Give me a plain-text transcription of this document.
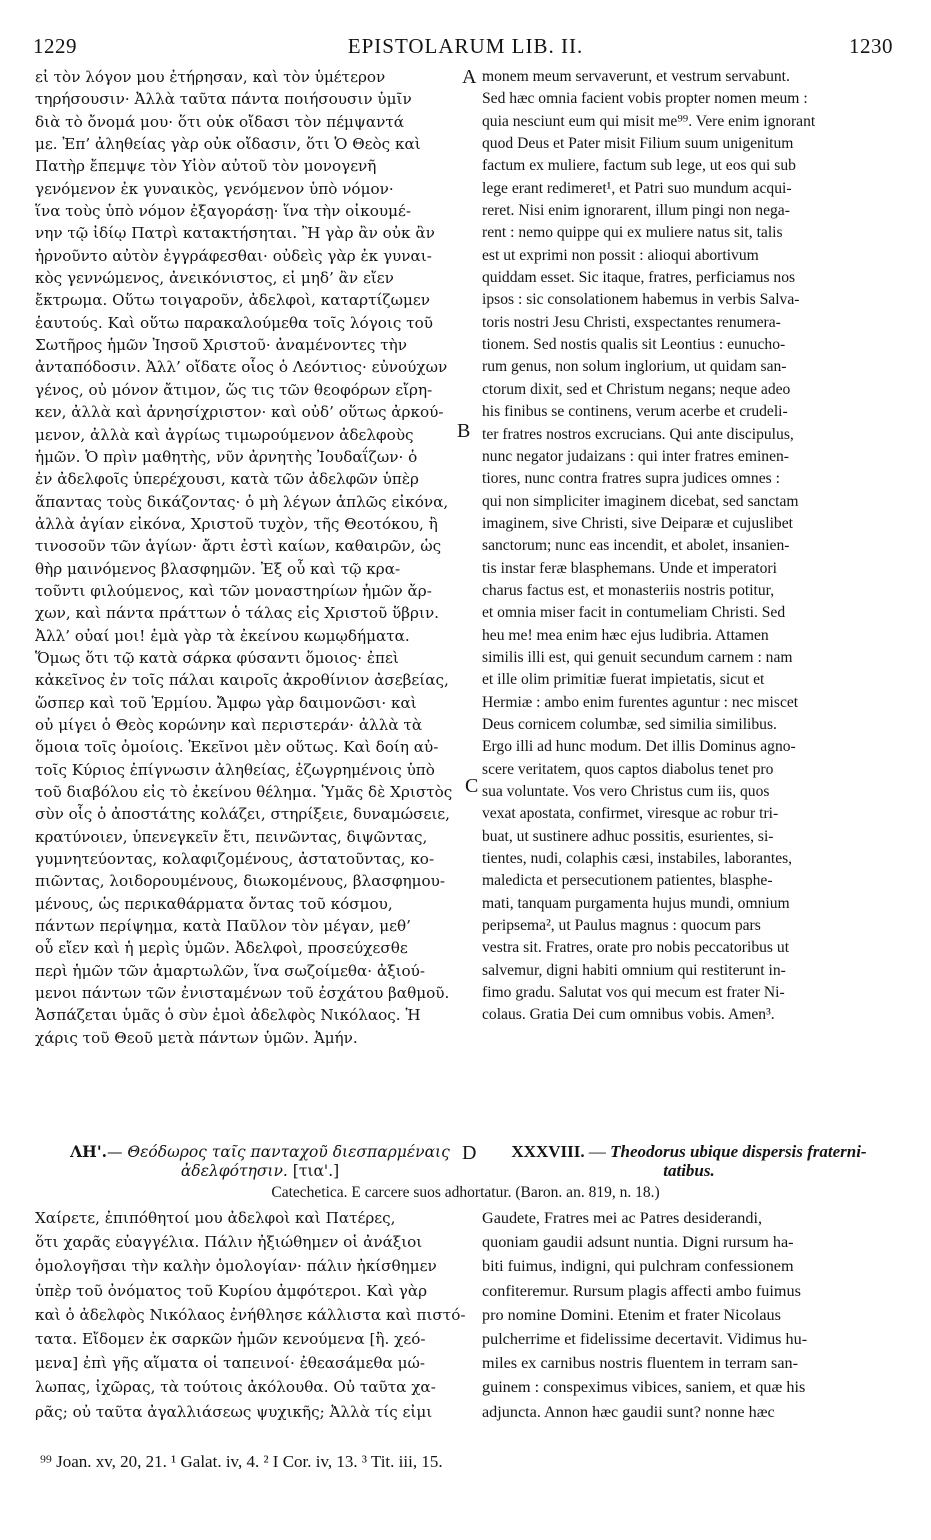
1229	EPISTOLARUM LIB. II.	1230
εἰ τὸν λόγον μου ἐτήρησαν, καὶ τὸν ὑμέτερον
τηρήσουσιν· Ἀλλὰ ταῦτα πάντα ποιήσουσιν ὑμῖν
διὰ τὸ ὄνομά μου· ὅτι οὐκ οἴδασι τὸν πέμψαντά
με. Ἐπ’ ἀληθείας γὰρ οὐκ οἴδασιν, ὅτι Ὁ Θεὸς καὶ
Πατὴρ ἔπεμψε τὸν Υἱὸν αὐτοῦ τὸν μονογενῆ
γενόμενον ἐκ γυναικὸς, γενόμενον ὑπὸ νόμον·
ἵνα τοὺς ὑπὸ νόμον ἐξαγοράσῃ· ἵνα τὴν οἰκουμέ-
νην τῷ ἰδίῳ Πατρὶ κατακτήσηται. Ἢ γὰρ ἂν οὐκ ἂν
ἠρνοῦντο αὐτὸν ἐγγράφεσθαι· οὐδεὶς γὰρ ἐκ γυναι-
κὸς γεννώμενος, ἀνεικόνιστος, εἰ μηδ’ ἂν εἴεν
ἔκτρωμα. Οὕτω τοιγαροῦν, ἀδελφοὶ, καταρτίζωμεν
ἑαυτούς. Καὶ οὕτω παρακαλούμεθα τοῖς λόγοις τοῦ
Σωτῆρος ἡμῶν Ἰησοῦ Χριστοῦ· ἀναμένοντες τὴν
ἀνταπόδοσιν. Ἀλλ’ οἴδατε οἷος ὁ Λεόντιος· εὐνούχων
γένος, οὐ μόνον ἄτιμον, ὥς τις τῶν θεοφόρων εἴρη-
κεν, ἀλλὰ καὶ ἀρνησίχριστον· καὶ οὐδ’ οὕτως ἀρκού-
μενον, ἀλλὰ καὶ ἀγρίως τιμωρούμενον ἀδελφοὺς
ἡμῶν. Ὁ πρὶν μαθητὴς, νῦν ἀρνητὴς Ἰουδαΐζων· ὁ
ἐν ἀδελφοῖς ὑπερέχουσι, κατὰ τῶν ἀδελφῶν ὑπὲρ
ἅπαντας τοὺς δικάζοντας· ὁ μὴ λέγων ἁπλῶς εἰκόνα,
ἀλλὰ ἁγίαν εἰκόνα, Χριστοῦ τυχὸν, τῆς Θεοτόκου, ἢ
τινοσοῦν τῶν ἁγίων· ἄρτι ἐστὶ καίων, καθαιρῶν, ὡς
θὴρ μαινόμενος βλασφημῶν. Ἐξ οὗ καὶ τῷ κρα-
τοῦντι φιλούμενος, καὶ τῶν μοναστηρίων ἡμῶν ἄρ-
χων, καὶ πάντα πράττων ὁ τάλας εἰς Χριστοῦ ὕβριν.
Ἀλλ’ οὐαί μοι! ἐμὰ γὰρ τὰ ἐκείνου κωμῳδήματα.
Ὅμως ὅτι τῷ κατὰ σάρκα φύσαντι ὅμοιος· ἐπεὶ
κἀκεῖνος ἐν τοῖς πάλαι καιροῖς ἀκροθίνιον ἀσεβείας,
ὥσπερ καὶ τοῦ Ἑρμίου. Ἄμφω γὰρ δαιμονῶσι· καὶ
οὐ μίγει ὁ Θεὸς κορώνην καὶ περιστεράν· ἀλλὰ τὰ
ὅμοια τοῖς ὁμοίοις. Ἐκεῖνοι μὲν οὕτως. Καὶ δοίη αὐ-
τοῖς Κύριος ἐπίγνωσιν ἀληθείας, ἐζωγρημένοις ὑπὸ
τοῦ διαβόλου εἰς τὸ ἐκείνου θέλημα. Ὑμᾶς δὲ Χριστὸς
σὺν οἷς ὁ ἀποστάτης κολάζει, στηρίξειε, δυναμώσειε,
κρατύνοιεν, ὑπενεγκεῖν ἔτι, πεινῶντας, διψῶντας,
γυμνητεύοντας, κολαφιζομένους, ἀστατοῦντας, κο-
πιῶντας, λοιδορουμένους, διωκομένους, βλασφημου-
μένους, ὡς περικαθάρματα ὄντας τοῦ κόσμου,
πάντων περίψημα, κατὰ Παῦλον τὸν μέγαν, μεθ’
οὗ εἴεν καὶ ἡ μερὶς ὑμῶν. Ἀδελφοὶ, προσεύχεσθε
περὶ ἡμῶν τῶν ἁμαρτωλῶν, ἵνα σωζοίμεθα· ἀξιού-
μενοι πάντων τῶν ἐνισταμένων τοῦ ἐσχάτου βαθμοῦ.
Ἀσπάζεται ὑμᾶς ὁ σὺν ἐμοὶ ἀδελφὸς Νικόλαος. Ἡ
χάρις τοῦ Θεοῦ μετὰ πάντων ὑμῶν. Ἀμήν.
monem meum servaverunt, et vestrum servabunt.
Sed hæc omnia facient vobis propter nomen meum :
quia nesciunt eum qui misit me⁹⁹. Vere enim ignorant
quod Deus et Pater misit Filium suum unigenitum
factum ex muliere, factum sub lege, ut eos qui sub
lege erant redimeret¹, et Patri suo mundum acqui-
reret. Nisi enim ignorarent, illum pingi non nega-
rent : nemo quippe qui ex muliere natus sit, talis
est ut exprimi non possit : alioqui abortivum
quiddam esset. Sic itaque, fratres, perficiamus nos
ipsos : sic consolationem habemus in verbis Salva-
toris nostri Jesu Christi, exspectantes renumera-
tionem. Sed nostis qualis sit Leontius : eunucho-
rum genus, non solum inglorium, ut quidam san-
ctorum dixit, sed et Christum negans; neque adeo
his finibus se continens, verum acerbe et crudeli-
ter fratres nostros excrucians. Qui ante discipulus,
nunc negator judaizans : qui inter fratres eminen-
tiores, nunc contra fratres supra judices omnes :
qui non simpliciter imaginem dicebat, sed sanctam
imaginem, sive Christi, sive Deiparæ et cujuslibet
sanctorum; nunc eas incendit, et abolet, insanien-
tis instar feræ blasphemans. Unde et imperatori
charus factus est, et monasteriis nostris potitur,
et omnia miser facit in contumeliam Christi. Sed
heu me! mea enim hæc ejus ludibria. Attamen
similis illi est, qui genuit secundum carnem : nam
et ille olim primitiæ fuerat impietatis, sicut et
Hermiæ : ambo enim furentes aguntur : nec miscet
Deus cornicem columbæ, sed similia similibus.
Ergo illi ad hunc modum. Det illis Dominus agno-
scere veritatem, quos captos diabolus tenet pro
sua voluntate. Vos vero Christus cum iis, quos
vexat apostata, confirmet, viresque ac robur tri-
buat, ut sustinere adhuc possitis, esurientes, si-
tientes, nudi, colaphis cæsi, instabiles, laborantes,
maledicta et persecutionem patientes, blasphe-
mati, tanquam purgamenta hujus mundi, omnium
peripsema², ut Paulus magnus : quocum pars
vestra sit. Fratres, orate pro nobis peccatoribus ut
salvemur, digni habiti omnium qui restiterunt in-
fimo gradu. Salutat vos qui mecum est frater Ni-
colaus. Gratia Dei cum omnibus vobis. Amen³.
A
B
C
D
ΛΗ'.— Θεόδωρος ταῖς πανταχοῦ διεσπαρμέναις
ἀδελφότησιν. [τια'.]
XXXVIII. — Theodorus ubique dispersis fraterni-
tatibus.
Catechetica. E carcere suos adhortatur. (Baron. an. 819, n. 18.)
Χαίρετε, ἐπιπόθητοί μου ἀδελφοὶ καὶ Πατέρες,
ὅτι χαρᾶς εὐαγγέλια. Πάλιν ἠξιώθημεν οἱ ἀνάξιοι
ὁμολογῆσαι τὴν καλὴν ὁμολογίαν· πάλιν ἠκίσθημεν
ὑπὲρ τοῦ ὀνόματος τοῦ Κυρίου ἀμφότεροι. Καὶ γὰρ
καὶ ὁ ἀδελφὸς Νικόλαος ἐνήθλησε κάλλιστα καὶ πιστό-
τατα. Εἴδομεν ἐκ σαρκῶν ἡμῶν κενούμενα [ἢ. χεό-
μενα] ἐπὶ γῆς αἵματα οἱ ταπεινοί· ἐθεασάμεθα μώ-
λωπας, ἰχῶρας, τὰ τούτοις ἀκόλουθα. Οὐ ταῦτα χα-
ρᾶς; οὐ ταῦτα ἀγαλλιάσεως ψυχικῆς; Ἀλλὰ τίς εἰμι
Gaudete, Fratres mei ac Patres desiderandi,
quoniam gaudii adsunt nuntia. Digni rursum ha-
biti fuimus, indigni, qui pulchram confessionem
confiteremur. Rursum plagis affecti ambo fuimus
pro nomine Domini. Etenim et frater Nicolaus
pulcherrime et fidelissime decertavit. Vidimus hu-
miles ex carnibus nostris fluentem in terram san-
guinem : conspeximus vibices, saniem, et quæ his
adjuncta. Annon hæc gaudii sunt? nonne hæc
⁹⁹ Joan. xv, 20, 21. ¹ Galat. iv, 4. ² I Cor. iv, 13. ³ Tit. iii, 15.
